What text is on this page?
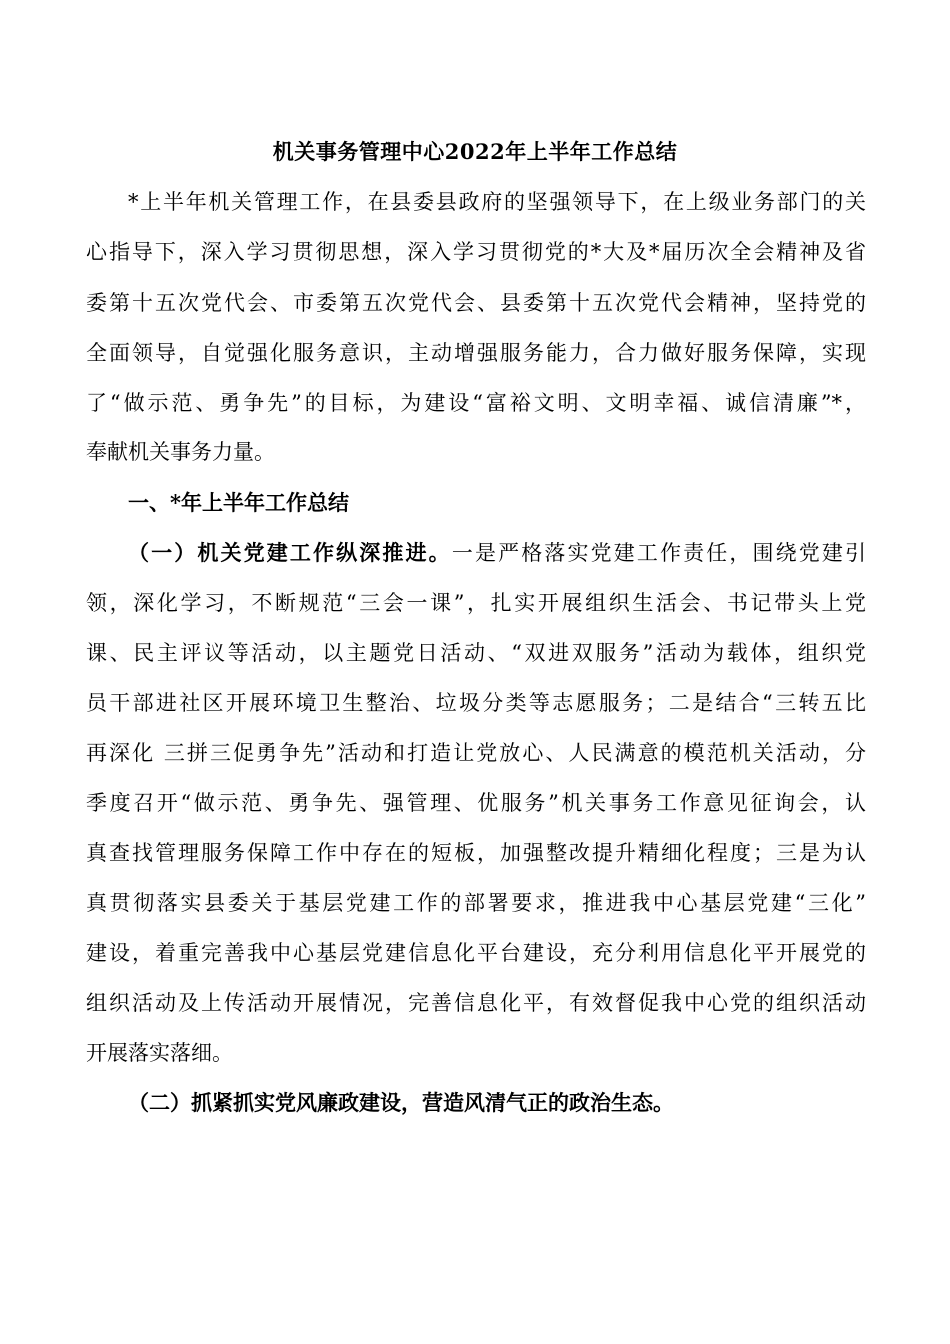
机关事务管理中心2022年上半年工作总结
*上半年机关管理工作，在县委县政府的坚强领导下，在上级业务部门的关
心指导下，深入学习贯彻思想，深入学习贯彻党的*大及*届历次全会精神及省
委第十五次党代会、市委第五次党代会、县委第十五次党代会精神，坚持党的
全面领导，自觉强化服务意识，主动增强服务能力，合力做好服务保障，实现
了“做示范、勇争先”的目标，为建设“富裕文明、文明幸福、诚信清廉”*，
奉献机关事务力量。
一、*年上半年工作总结
（一）机关党建工作纵深推进。一是严格落实党建工作责任，围绕党建引
领，深化学习，不断规范“三会一课”，扎实开展组织生活会、书记带头上党
课、民主评议等活动，以主题党日活动、“双进双服务”活动为载体，组织党
员干部进社区开展环境卫生整治、垃圾分类等志愿服务；二是结合“三转五比
再深化 三拼三促勇争先”活动和打造让党放心、人民满意的模范机关活动，分
季度召开“做示范、勇争先、强管理、优服务”机关事务工作意见征询会，认
真查找管理服务保障工作中存在的短板，加强整改提升精细化程度；三是为认
真贯彻落实县委关于基层党建工作的部署要求，推进我中心基层党建“三化”
建设，着重完善我中心基层党建信息化平台建设，充分利用信息化平开展党的
组织活动及上传活动开展情况，完善信息化平，有效督促我中心党的组织活动
开展落实落细。
（二）抓紧抓实党风廉政建设，营造风清气正的政治生态。
